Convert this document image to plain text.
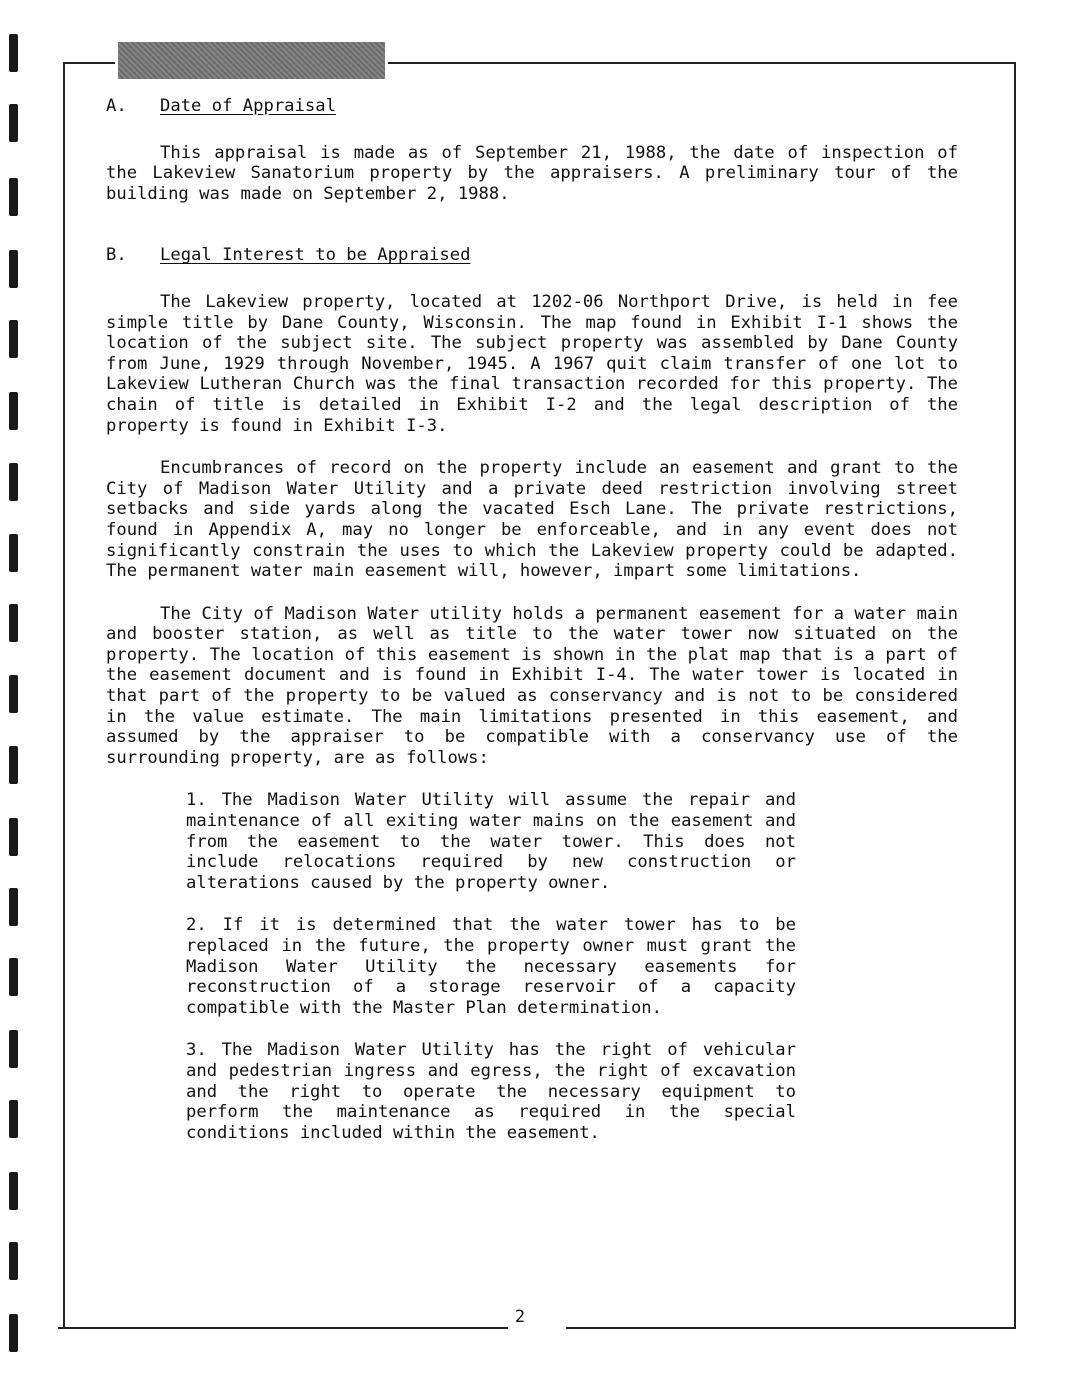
A. Date of Appraisal

This appraisal is made as of September 21, 1988, the date of inspection of the Lakeview Sanatorium property by the appraisers. A preliminary tour of the building was made on September 2, 1988.

B. Legal Interest to be Appraised

The Lakeview property, located at 1202-06 Northport Drive, is held in fee simple title by Dane County, Wisconsin. The map found in Exhibit I-1 shows the location of the subject site. The subject property was assembled by Dane County from June, 1929 through November, 1945. A 1967 quit claim transfer of one lot to Lakeview Lutheran Church was the final transaction recorded for this property. The chain of title is detailed in Exhibit I-2 and the legal description of the property is found in Exhibit I-3.

Encumbrances of record on the property include an easement and grant to the City of Madison Water Utility and a private deed restriction involving street setbacks and side yards along the vacated Esch Lane. The private restrictions, found in Appendix A, may no longer be enforceable, and in any event does not significantly constrain the uses to which the Lakeview property could be adapted. The permanent water main easement will, however, impart some limitations.

The City of Madison Water utility holds a permanent easement for a water main and booster station, as well as title to the water tower now situated on the property. The location of this easement is shown in the plat map that is a part of the easement document and is found in Exhibit I-4. The water tower is located in that part of the property to be valued as conservancy and is not to be considered in the value estimate. The main limitations presented in this easement, and assumed by the appraiser to be compatible with a conservancy use of the surrounding property, are as follows:

1. The Madison Water Utility will assume the repair and maintenance of all exiting water mains on the easement and from the easement to the water tower. This does not include relocations required by new construction or alterations caused by the property owner.
2. If it is determined that the water tower has to be replaced in the future, the property owner must grant the Madison Water Utility the necessary easements for reconstruction of a storage reservoir of a capacity compatible with the Master Plan determination.
3. The Madison Water Utility has the right of vehicular and pedestrian ingress and egress, the right of excavation and the right to operate the necessary equipment to perform the maintenance as required in the special conditions included within the easement.
2
